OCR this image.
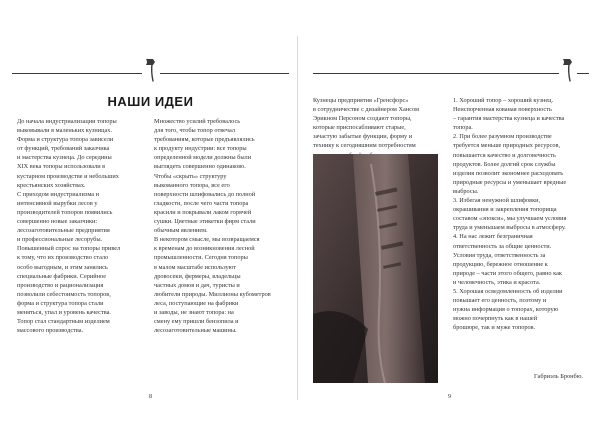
НАШИ ИДЕИ
До начала индустриализации топоры
выковывали в маленьких кузницах.
Форма и структура топора зависели
от функций, требований заказчика
и мастерства кузнеца. До середины
XIX века топоры использовали в
кустарном производстве и небольших
крестьянских хозяйствах.
С приходом индустриализма и
интенсивной вырубки лесов у
производителей топоров появились
совершенно новые заказчики:
лесозаготовительные предприятия
и профессиональные лесорубы.
Повышенный спрос на топоры привел
к тому, что их производство стало
особо выгодным, и этим занялись
специальные фабрики. Серийное
производство и рационализация
позволили себестоимость топоров,
форма и структура топора стали
меняться, упал и уровень качества.
Топор стал стандартным изделием
массового производства.
Множество усилий требовалось
для того, чтобы топор отвечал
требованиям, которые предъявлялись
к продукту индустрии: все топоры
определенной модели должны были
выглядеть совершенно одинаково.
Чтобы «скрыть» структуру
выкованного топора, все его
поверхности шлифовались до полной
гладкости, после чего части топора
красили и покрывали лаком горячей
сушки. Цветные этикетки фирм стали
обычным явлением.
В некотором смысле, мы возвращаемся
к временам до возникновения лесной
промышленности. Сегодня топоры
в малом масштабе используют
дровосеки, фермеры, владельцы
частных домов и дач, туристы и
любители природы. Миллионы кубометров
леса, поступающие на фабрики
и заводы, не знают топора: на
смену ему пришли бензопила и
лесозаготовительные машины.
8
Кузнецы предприятия «Гренсфорс»
в сотрудничестве с дизайнером Хансом
Эрикном Персоном создают топоры,
которые приспосабливают старые,
зачастую забытые функции, форму и
технику к сегодняшним потребностям

1. Хороший топор – хороший кузнец.
Неиспорченная кованая поверхность
– гарантия мастерства кузнеца и качества
топора.
2. При более разумном производстве
требуется меньше природных ресурсов,
повышается качество и долговечность
продуктов. Более долгий срок службы
изделия позволит экономнее расходовать
природные ресурсы и уменьшает вредные выбросы.
3. Избегая ненужной шлифовки,
окрашивания и закрепления топорища
составом «эпокси», мы улучшаем условия
труда и уменьшаем выбросы в атмосферу.
4. На нас лежит безграничная
ответственность за общие ценности.
Условия труда, ответственность за
продукцию, бережное отношение к
природе – части этого общего, равно как
и человечность, этика и красота.
5. Хорошая осведомленность об изделии
повышает его ценность, поэтому и
нужна информация о топорах, которую
можно почерпнуть как в нашей
брошюре, так и муже топоров.
Габриэль Бронбю.
9
